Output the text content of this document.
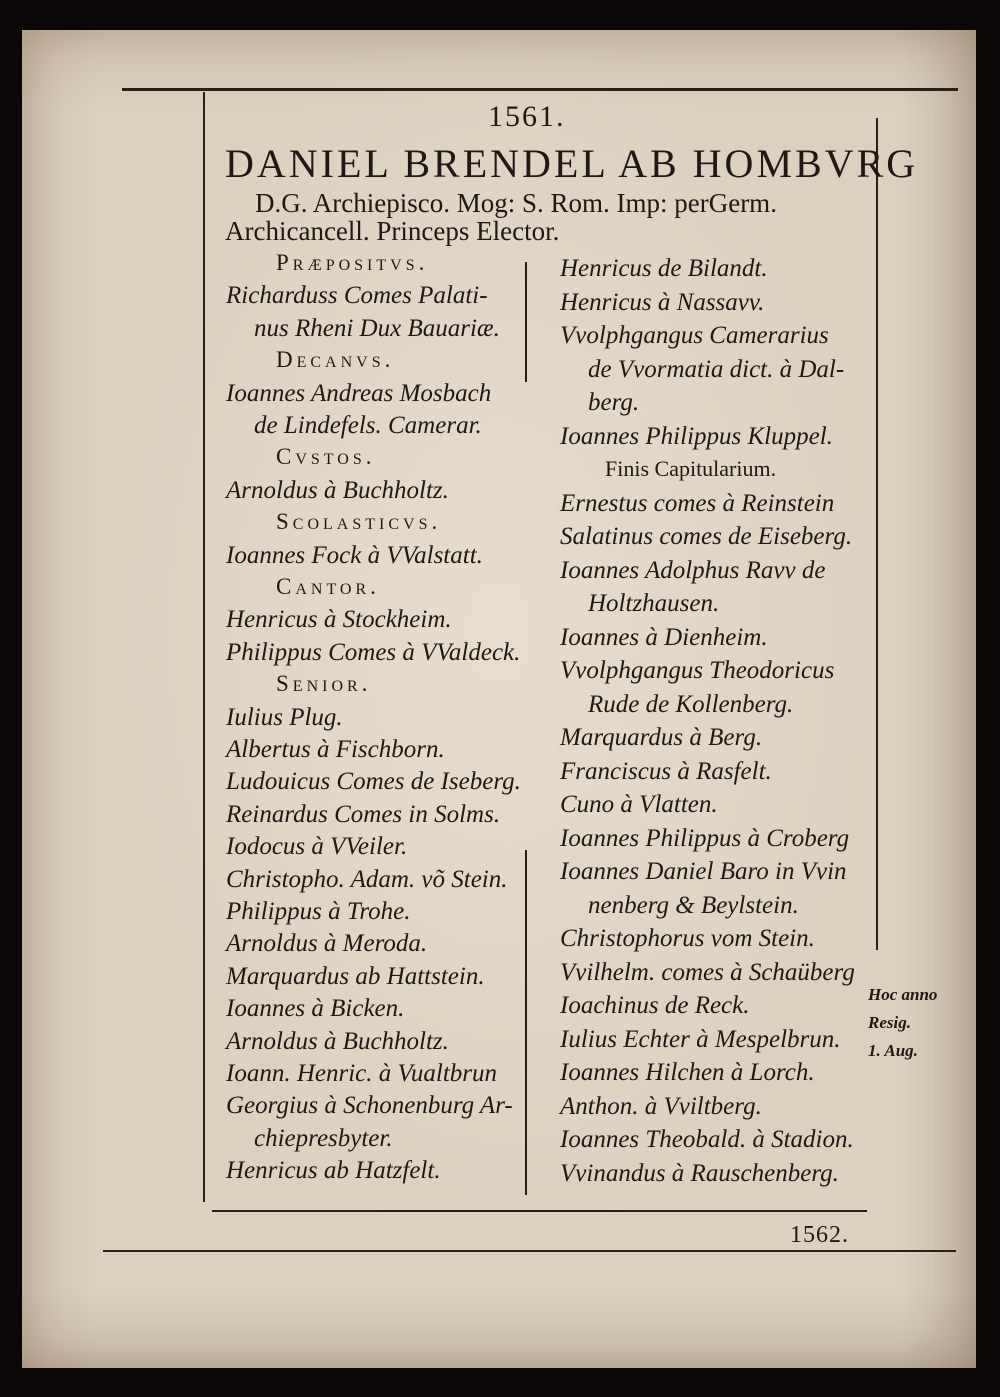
1561.
DANIEL BRENDEL AB HOMBVRG
D.G. Archiepisco. Mog: S. Rom. Imp: perGerm.
Archicancell. Princeps Elector.
Præpositvs.
Richarduss Comes Palati-
nus Rheni Dux Bauariæ.
Decanvs.
Ioannes Andreas Mosbach
de Lindefels. Camerar.
Cvstos.
Arnoldus à Buchholtz.
Scolasticvs.
Ioannes Fock à VValstatt.
Cantor.
Henricus à Stockheim.
Philippus Comes à VValdeck.
Senior.
Iulius Plug.
Albertus à Fischborn.
Ludouicus Comes de Iseberg.
Reinardus Comes in Solms.
Iodocus à VVeiler.
Christopho. Adam. võ Stein.
Philippus à Trohe.
Arnoldus à Meroda.
Marquardus ab Hattstein.
Ioannes à Bicken.
Arnoldus à Buchholtz.
Ioann. Henric. à Vualtbrun
Georgius à Schonenburg Ar-
chiepresbyter.
Henricus ab Hatzfelt.
Henricus de Bilandt.
Henricus à Nassavv.
Vvolphgangus Camerarius
de Vvormatia dict. à Dal-
berg.
Ioannes Philippus Kluppel.
Finis Capitularium.
Ernestus comes à Reinstein
Salatinus comes de Eiseberg.
Ioannes Adolphus Ravv de
Holtzhausen.
Ioannes à Dienheim.
Vvolphgangus Theodoricus
Rude de Kollenberg.
Marquardus à Berg.
Franciscus à Rasfelt.
Cuno à Vlatten.
Ioannes Philippus à Croberg
Ioannes Daniel Baro in Vvin
nenberg & Beylstein.
Christophorus vom Stein.
Vvilhelm. comes à Schaüberg
Ioachinus de Reck.
Iulius Echter à Mespelbrun.
Ioannes Hilchen à Lorch.
Anthon. à Vviltberg.
Ioannes Theobald. à Stadion.
Vvinandus à Rauschenberg.
Hoc anno
Resig.
1. Aug.
1562.
